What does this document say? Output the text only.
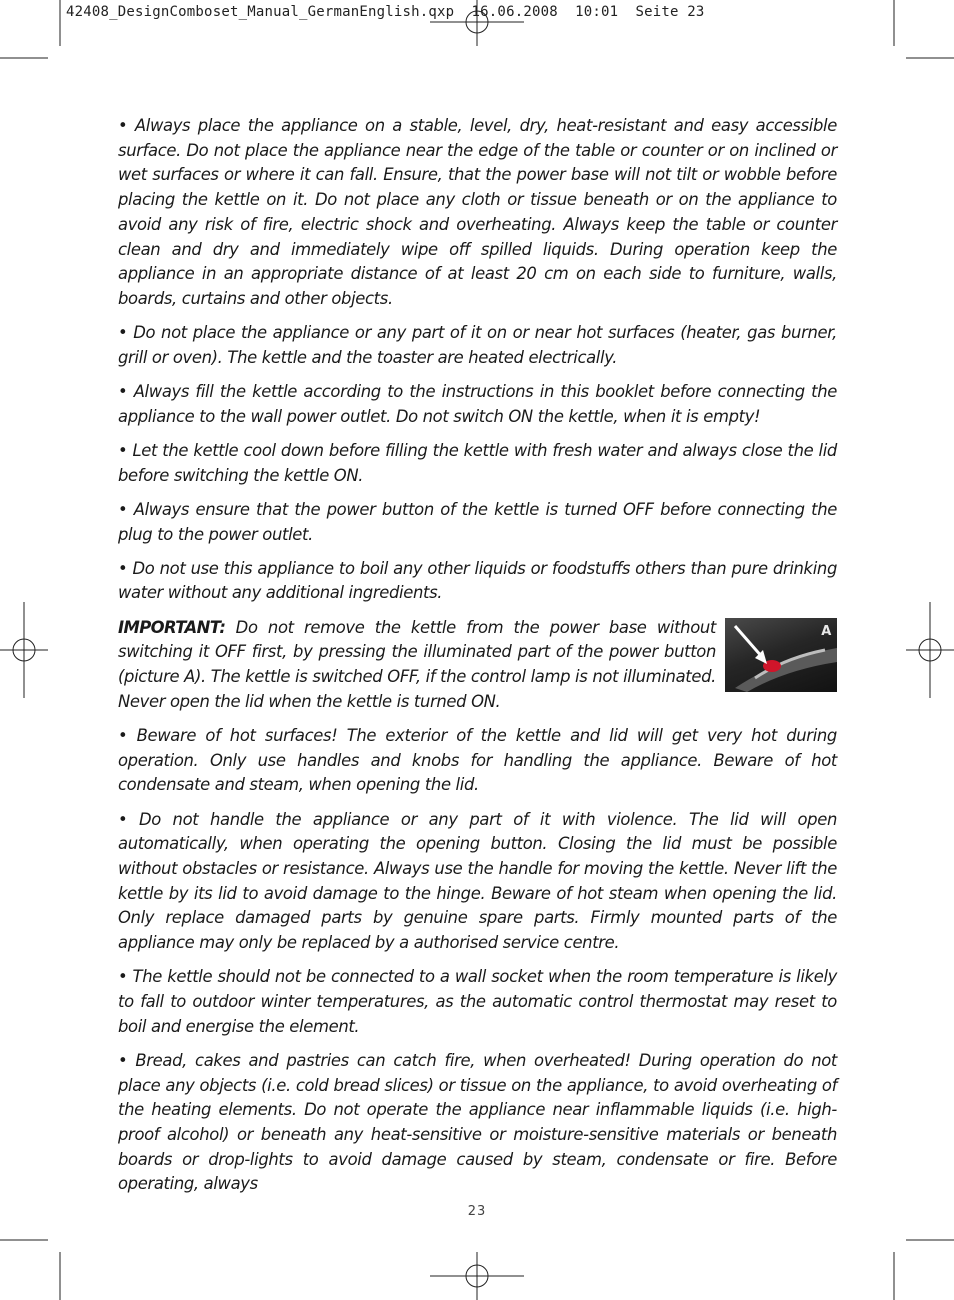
42408_DesignComboset_Manual_GermanEnglish.qxp  16.06.2008  10:01  Seite 23

• Always place the appliance on a stable, level, dry, heat-resistant and easy accessible surface. Do not place the appliance near the edge of the table or counter or on inclined or wet surfaces or where it can fall. Ensure, that the power base will not tilt or wobble before placing the kettle on it. Do not place any cloth or tissue beneath or on the appliance to avoid any risk of fire, electric shock and overheating. Always keep the table or counter clean and dry and immediately wipe off spilled liquids. During operation keep the appliance in an appropriate distance of at least 20 cm on each side to furniture, walls, boards, curtains and other objects.

• Do not place the appliance or any part of it on or near hot surfaces (heater, gas burner, grill or oven). The kettle and the toaster are heated electrically.

• Always fill the kettle according to the instructions in this booklet before connecting the appliance to the wall power outlet. Do not switch ON the kettle, when it is empty!

• Let the kettle cool down before filling the kettle with fresh water and always close the lid before switching the kettle ON.

• Always ensure that the power button of the kettle is turned OFF before connecting the plug to the power outlet.

• Do not use this appliance to boil any other liquids or foodstuffs others than pure drinking water without any additional ingredients.

A
IMPORTANT: Do not remove the kettle from the power base without switching it OFF first, by pressing the illuminated part of the power button (picture A). The kettle is switched OFF, if the control lamp is not illuminated. Never open the lid when the kettle is turned ON.

• Beware of hot surfaces! The exterior of the kettle and lid will get very hot during operation. Only use handles and knobs for handling the appliance. Beware of hot condensate and steam, when opening the lid.

• Do not handle the appliance or any part of it with violence. The lid will open automatically, when operating the opening button. Closing the lid must be possible without obstacles or resistance. Always use the handle for moving the kettle. Never lift the kettle by its lid to avoid damage to the hinge. Beware of hot steam when opening the lid. Only replace damaged parts by genuine spare parts. Firmly mounted parts of the appliance may only be replaced by a authorised service centre.

• The kettle should not be connected to a wall socket when the room temperature is likely to fall to outdoor winter temperatures, as the automatic control thermostat may reset to boil and energise the element.

• Bread, cakes and pastries can catch fire, when overheated! During operation do not place any objects (i.e. cold bread slices) or tissue on the appliance, to avoid overheating of the heating elements. Do not operate the appliance near inflammable liquids (i.e. high-proof alcohol) or beneath any heat-sensitive or moisture-sensitive materials or beneath boards or drop-lights to avoid damage caused by steam, condensate or fire. Before operating, always

23
